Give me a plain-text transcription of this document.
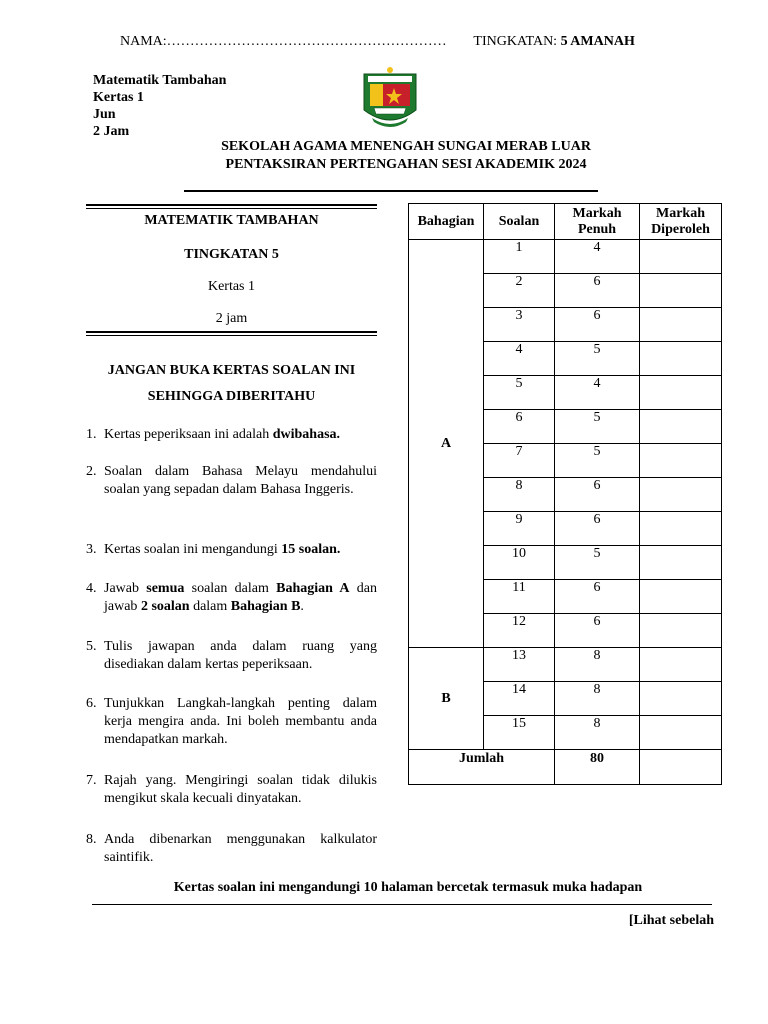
NAMA:…………………………………………………… TINGKATAN: 5 AMANAH
Matematik Tambahan
Kertas 1
Jun
2 Jam
SEKOLAH AGAMA MENENGAH SUNGAI MERAB LUAR
PENTAKSIRAN PERTENGAHAN SESI AKADEMIK 2024
MATEMATIK TAMBAHAN
TINGKATAN 5
Kertas 1
2 jam
JANGAN BUKA KERTAS SOALAN INI
SEHINGGA DIBERITAHU
1. Kertas peperiksaan ini adalah dwibahasa.
2. Soalan dalam Bahasa Melayu mendahului soalan yang sepadan dalam Bahasa Inggeris.
3. Kertas soalan ini mengandungi 15 soalan.
4. Jawab semua soalan dalam Bahagian A dan jawab 2 soalan dalam Bahagian B.
5. Tulis jawapan anda dalam ruang yang disediakan dalam kertas peperiksaan.
6. Tunjukkan Langkah-langkah penting dalam kerja mengira anda. Ini boleh membantu anda mendapatkan markah.
7. Rajah yang. Mengiringi soalan tidak dilukis mengikut skala kecuali dinyatakan.
8. Anda dibenarkan menggunakan kalkulator saintifik.
Bahagian	Soalan	Markah Penuh	Markah Diperoleh
A	1	4	
	2	6	
	3	6	
	4	5	
	5	4	
	6	5	
	7	5	
	8	6	
	9	6	
	10	5	
	11	6	
	12	6	
B	13	8	
	14	8	
	15	8	
Jumlah		80	
Kertas soalan ini mengandungi 10 halaman bercetak termasuk muka hadapan
[Lihat sebelah
